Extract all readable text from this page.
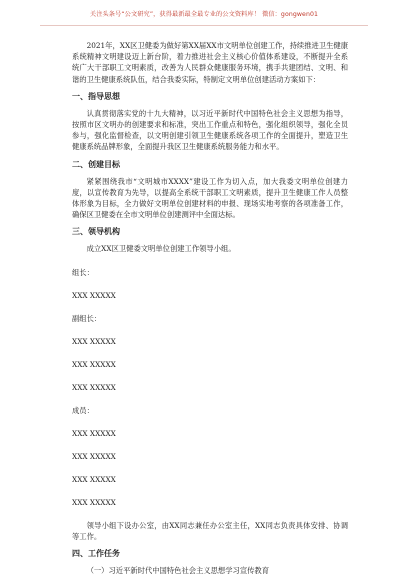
关注头条号“公文研究”，获得最新最全最专业的公文资料库！ 微信：gongwen01

2021年，XX区卫健委为做好第XX届XX市文明单位创建工作，持续推进卫生健康系统精神文明建设迈上新台阶，着力推进社会主义核心价值体系建设，不断提升全系统广大干部职工文明素质，改善为人民群众健康服务环境，携手共建团结、文明、和谐的卫生健康系统队伍，结合我委实际，特制定文明单位创建活动方案如下：

一、指导思想

认真贯彻落实党的十九大精神，以习近平新时代中国特色社会主义思想为指导，按照市区文明办的创建要求和标准，突出工作重点和特色，强化组织领导，强化全员参与，强化监督检查，以文明创建引领卫生健康系统各项工作的全面提升，塑造卫生健康系统品牌形象，全面提升我区卫生健康系统服务能力和水平。

二、创建目标

紧紧围绕我市“文明城市XXXX”建设工作为切入点，加大我委文明单位创建力度，以宣传教育为先导，以提高全系统干部职工文明素质，提升卫生健康工作人员整体形象为目标，全力做好文明单位创建材料的申报、现场实地考察的各项准备工作，确保区卫健委在全市文明单位创建测评中全面达标。

三、领导机构

成立XX区卫健委文明单位创建工作领导小组。

组长：

XXX XXXXX

副组长：

XXX XXXXX

XXX XXXXX

XXX XXXXX

成员：

XXX XXXXX

XXX XXXXX

XXX XXXXX

XXX XXXXX

领导小组下设办公室，由XX同志兼任办公室主任，XX同志负责具体安排、协调等工作。

四、工作任务

（一）习近平新时代中国特色社会主义思想学习宣传教育
